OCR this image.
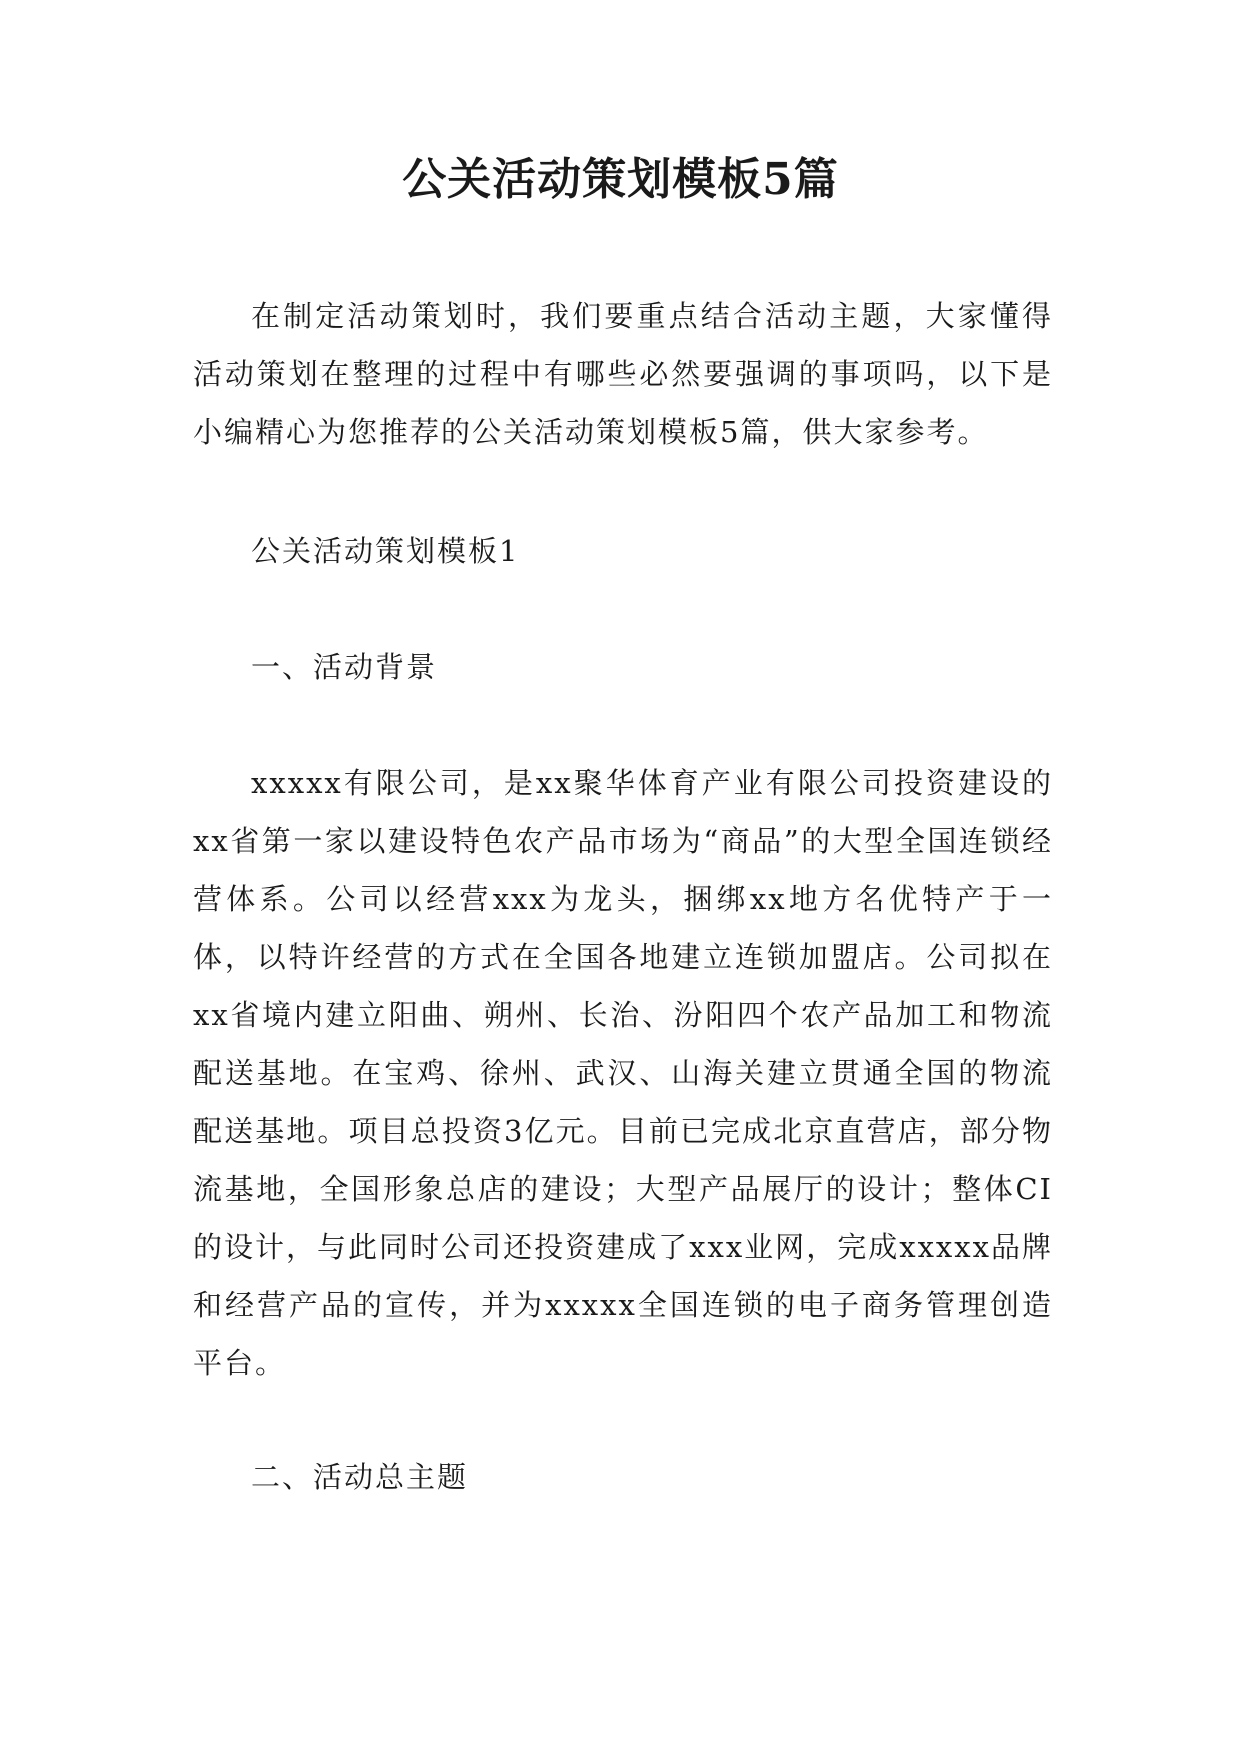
公关活动策划模板5篇

在制定活动策划时，我们要重点结合活动主题，大家懂得活动策划在整理的过程中有哪些必然要强调的事项吗，以下是小编精心为您推荐的公关活动策划模板5篇，供大家参考。

公关活动策划模板1

一、活动背景

xxxxx有限公司，是xx聚华体育产业有限公司投资建设的xx省第一家以建设特色农产品市场为“商品”的大型全国连锁经营体系。公司以经营xxx为龙头，捆绑xx地方名优特产于一体，以特许经营的方式在全国各地建立连锁加盟店。公司拟在xx省境内建立阳曲、朔州、长治、汾阳四个农产品加工和物流配送基地。在宝鸡、徐州、武汉、山海关建立贯通全国的物流配送基地。项目总投资3亿元。目前已完成北京直营店，部分物流基地，全国形象总店的建设；大型产品展厅的设计；整体CI的设计，与此同时公司还投资建成了xxx业网，完成xxxxx品牌和经营产品的宣传，并为xxxxx全国连锁的电子商务管理创造平台。

二、活动总主题
